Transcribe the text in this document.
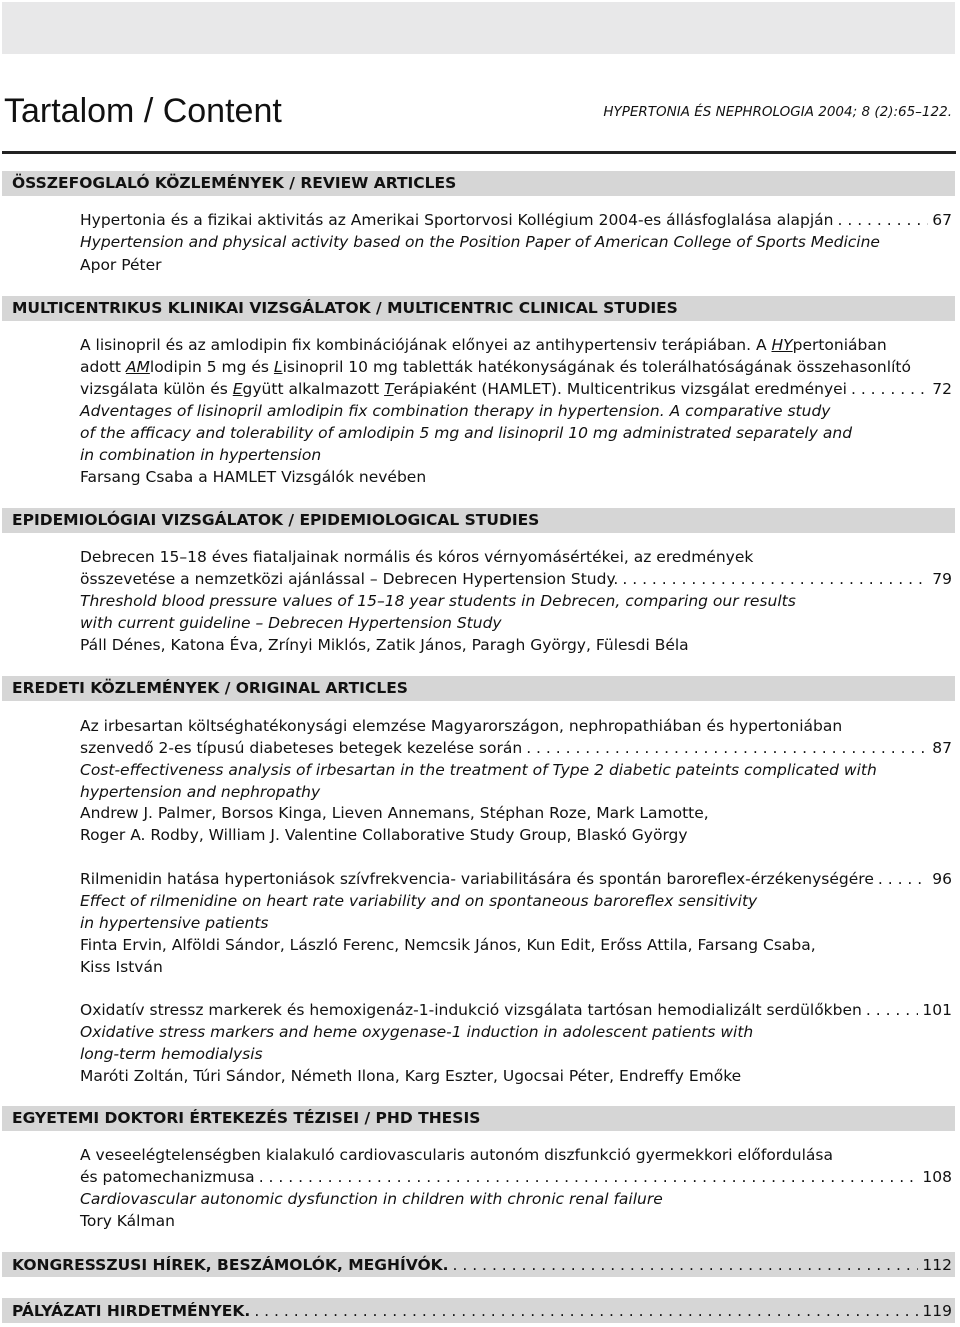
Tartalom / Content	HYPERTONIA ÉS NEPHROLOGIA 2004; 8 (2):65–122.
ÖSSZEFOGLALÓ KÖZLEMÉNYEK / REVIEW ARTICLES
Hypertonia és a fizikai aktivitás az Amerikai Sportorvosi Kollégium 2004-es állásfoglalása alapján . . .	67
Hypertension and physical activity based on the Position Paper of American College of Sports Medicine
Apor Péter
MULTICENTRIKUS KLINIKAI VIZSGÁLATOK / MULTICENTRIC CLINICAL STUDIES
A lisinopril és az amlodipin fix kombinációjának előnyei az antihypertensiv terápiában. A HYpertoniában
adott AMlodipin 5 mg és Lisinopril 10 mg tabletták hatékonyságának és tolerálhatóságának összehasonlító
vizsgálata külön és Együtt alkalmazott Terápiaként (HAMLET). Multicentrikus vizsgálat eredményei . . .	72
Adventages of lisinopril amlodipin fix combination therapy in hypertension. A comparative study
of the afficacy and tolerability of amlodipin 5 mg and lisinopril 10 mg administrated separately and
in combination in hypertension
Farsang Csaba a HAMLET Vizsgálók nevében
EPIDEMIOLÓGIAI VIZSGÁLATOK / EPIDEMIOLOGICAL STUDIES
Debrecen 15–18 éves fiataljainak normális és kóros vérnyomásértékei, az eredmények
összevetése a nemzetközi ajánlással – Debrecen Hypertension Study. . . .	79
Threshold blood pressure values of 15–18 year students in Debrecen, comparing our results
with current guideline – Debrecen Hypertension Study
Páll Dénes, Katona Éva, Zrínyi Miklós, Zatik János, Paragh György, Fülesdi Béla
EREDETI KÖZLEMÉNYEK / ORIGINAL ARTICLES
Az irbesartan költséghatékonysági elemzése Magyarországon, nephropathiában és hypertoniában
szenvedő 2-es típusú diabeteses betegek kezelése során . . .	87
Cost-effectiveness analysis of irbesartan in the treatment of Type 2 diabetic pateints complicated with
hypertension and nephropathy
Andrew J. Palmer, Borsos Kinga, Lieven Annemans, Stéphan Roze, Mark Lamotte,
Roger A. Rodby, William J. Valentine Collaborative Study Group, Blaskó György
Rilmenidin hatása hypertoniások szívfrekvencia- variabilitására és spontán baroreflex-érzékenységére . . .	96
Effect of rilmenidine on heart rate variability and on spontaneous baroreflex sensitivity
in hypertensive patients
Finta Ervin, Alföldi Sándor, László Ferenc, Nemcsik János, Kun Edit, Erőss Attila, Farsang Csaba,
Kiss István
Oxidatív stressz markerek és hemoxigenáz-1-indukció vizsgálata tartósan hemodializált serdülőkben . . .	101
Oxidative stress markers and heme oxygenase-1 induction in adolescent patients with
long-term hemodialysis
Maróti Zoltán, Túri Sándor, Németh Ilona, Karg Eszter, Ugocsai Péter, Endreffy Emőke
EGYETEMI DOKTORI ÉRTEKEZÉS TÉZISEI / PHD THESIS
A veseelégtelenségben kialakuló cardiovascularis autonóm diszfunkció gyermekkori előfordulása
és patomechanizmusa . . .	108
Cardiovascular autonomic dysfunction in children with chronic renal failure
Tory Kálman
KONGRESSZUSI HÍREK, BESZÁMOLÓK, MEGHÍVÓK. . . .	112
PÁLYÁZATI HIRDETMÉNYEK. . . .	119
